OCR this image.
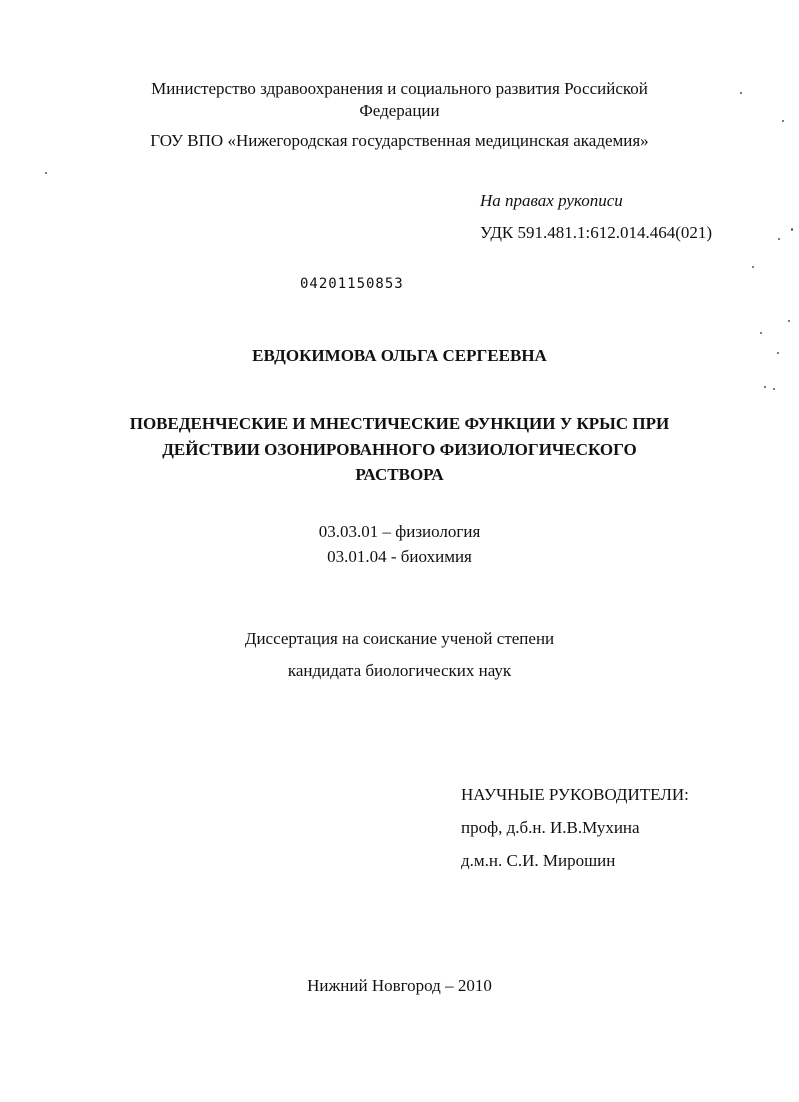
Министерство здравоохранения и социального развития Российской
Федерации
ГОУ ВПО «Нижегородская государственная медицинская академия»
На правах рукописи
УДК 591.481.1:612.014.464(021)
04201150853
ЕВДОКИМОВА ОЛЬГА СЕРГЕЕВНА
ПОВЕДЕНЧЕСКИЕ И МНЕСТИЧЕСКИЕ ФУНКЦИИ У КРЫС ПРИ
ДЕЙСТВИИ ОЗОНИРОВАННОГО ФИЗИОЛОГИЧЕСКОГО
РАСТВОРА
03.03.01 – физиология
03.01.04 - биохимия
Диссертация на соискание ученой степени
кандидата биологических наук
НАУЧНЫЕ РУКОВОДИТЕЛИ:
проф, д.б.н. И.В.Мухина
д.м.н. С.И. Мирошин
Нижний Новгород – 2010
